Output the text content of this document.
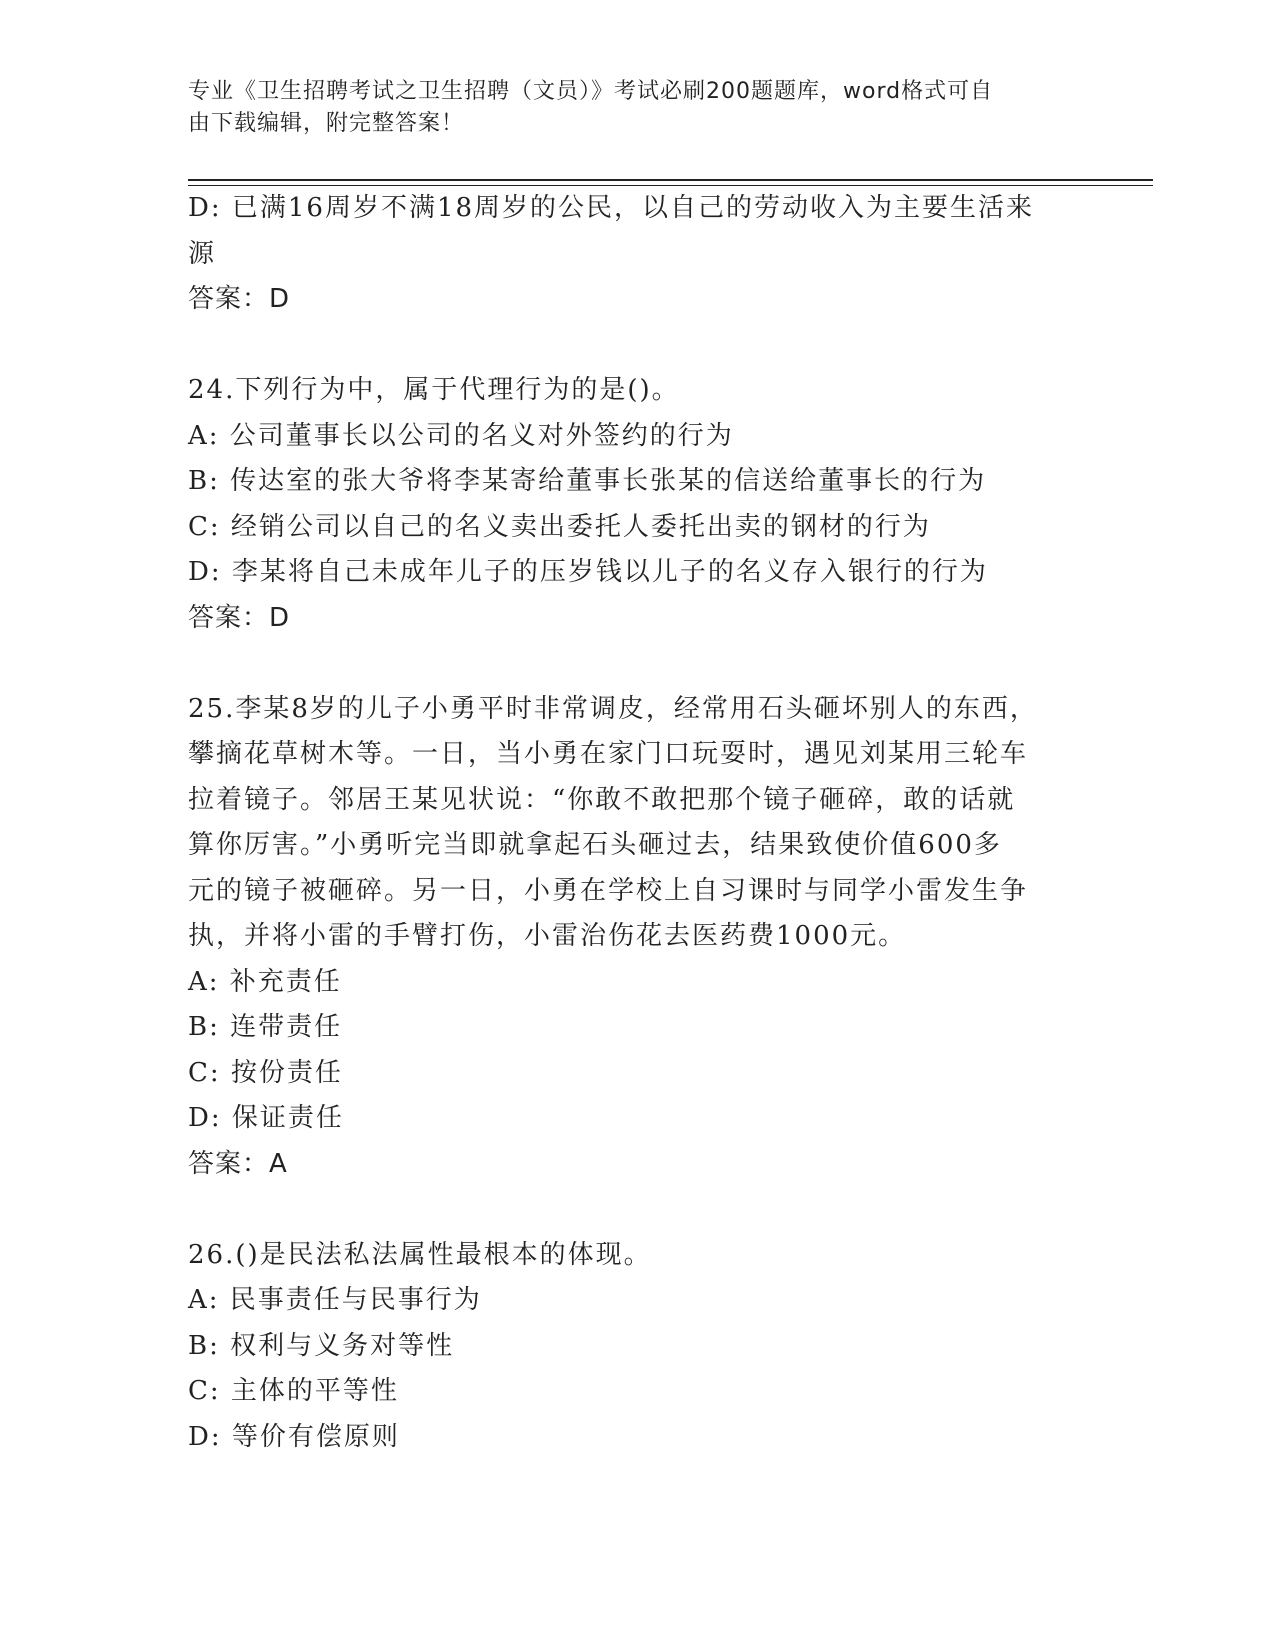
专业《卫生招聘考试之卫生招聘（文员）》考试必刷200题题库，word格式可自
由下载编辑，附完整答案！

D: 已满16周岁不满18周岁的公民，以自己的劳动收入为主要生活来

源

答案：D

24.下列行为中，属于代理行为的是()。

A: 公司董事长以公司的名义对外签约的行为

B: 传达室的张大爷将李某寄给董事长张某的信送给董事长的行为

C: 经销公司以自己的名义卖出委托人委托出卖的钢材的行为

D: 李某将自己未成年儿子的压岁钱以儿子的名义存入银行的行为

答案：D

25.李某8岁的儿子小勇平时非常调皮，经常用石头砸坏别人的东西，

攀摘花草树木等。一日，当小勇在家门口玩耍时，遇见刘某用三轮车

拉着镜子。邻居王某见状说：“你敢不敢把那个镜子砸碎，敢的话就

算你厉害。”小勇听完当即就拿起石头砸过去，结果致使价值600多

元的镜子被砸碎。另一日，小勇在学校上自习课时与同学小雷发生争

执，并将小雷的手臂打伤，小雷治伤花去医药费1000元。

A: 补充责任

B: 连带责任

C: 按份责任

D: 保证责任

答案：A

26.()是民法私法属性最根本的体现。

A: 民事责任与民事行为

B: 权利与义务对等性

C: 主体的平等性

D: 等价有偿原则
